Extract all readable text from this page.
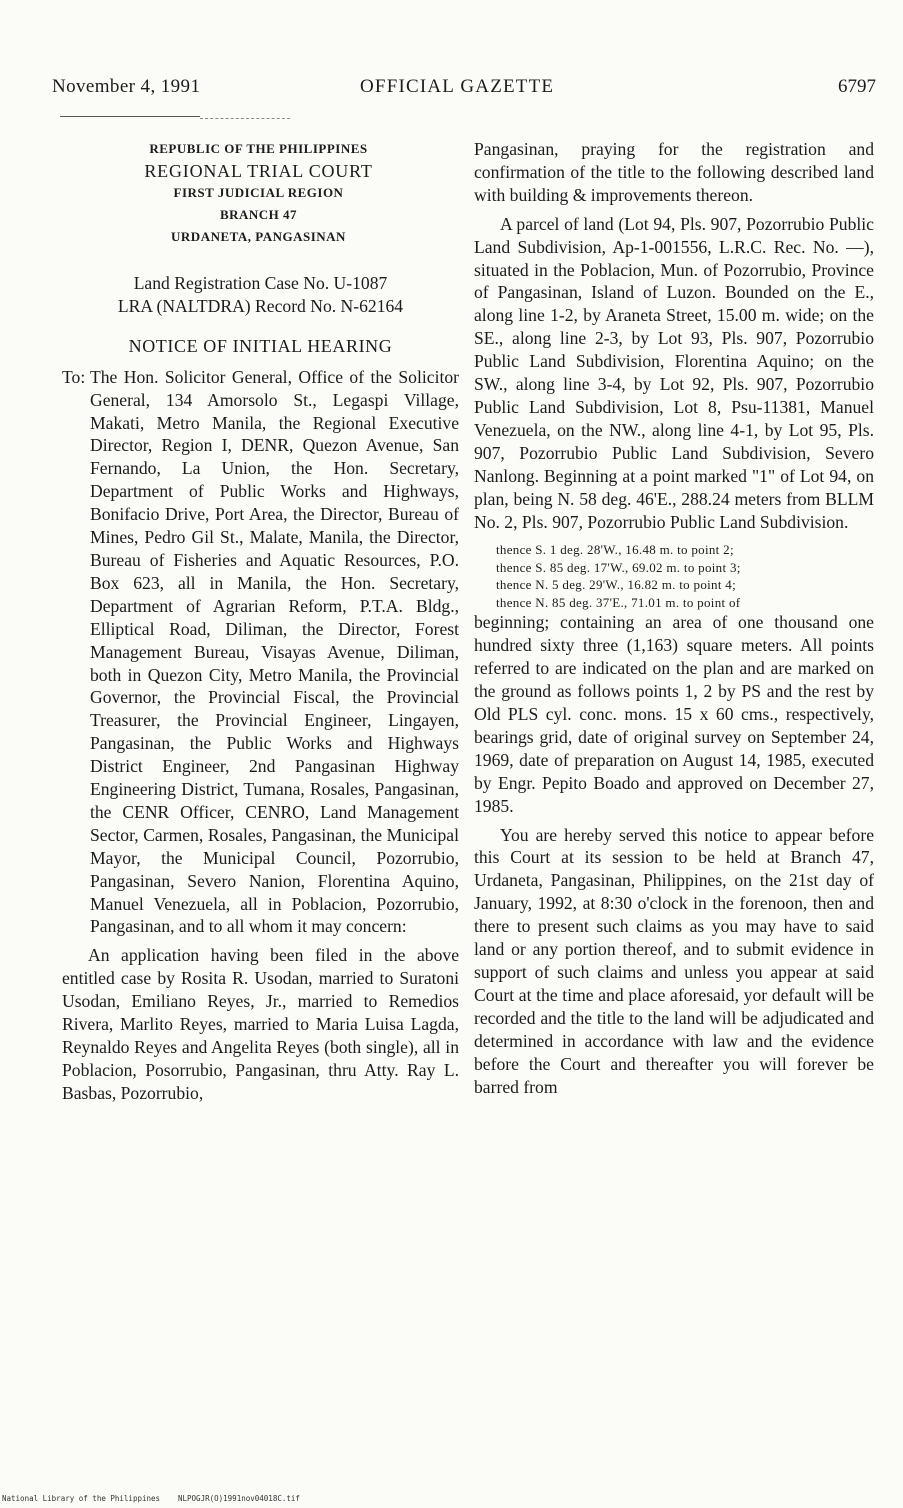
November 4, 1991	OFFICIAL GAZETTE	6797
REPUBLIC OF THE PHILIPPINES
REGIONAL TRIAL COURT
FIRST JUDICIAL REGION
BRANCH 47
URDANETA, PANGASINAN

Land Registration Case No. U-1087

LRA (NALTDRA) Record No. N-62164

NOTICE OF INITIAL HEARING
To: The Hon. Solicitor General, Office of the Solicitor General, 134 Amorsolo St., Legaspi Village, Makati, Metro Manila, the Regional Executive Director, Region I, DENR, Quezon Avenue, San Fernando, La Union, the Hon. Secretary, Department of Public Works and Highways, Bonifacio Drive, Port Area, the Director, Bureau of Mines, Pedro Gil St., Malate, Manila, the Director, Bureau of Fisheries and Aquatic Resources, P.O. Box 623, all in Manila, the Hon. Secretary, Department of Agrarian Reform, P.T.A. Bldg., Elliptical Road, Diliman, the Director, Forest Management Bureau, Visayas Avenue, Diliman, both in Quezon City, Metro Manila, the Provincial Governor, the Provincial Fiscal, the Provincial Treasurer, the Provincial Engineer, Lingayen, Pangasinan, the Public Works and Highways District Engineer, 2nd Pangasinan Highway Engineering District, Tumana, Rosales, Pangasinan, the CENR Officer, CENRO, Land Management Sector, Carmen, Rosales, Pangasinan, the Municipal Mayor, the Municipal Council, Pozorrubio, Pangasinan, Severo Nanion, Florentina Aquino, Manuel Venezuela, all in Poblacion, Pozorrubio, Pangasinan, and to all whom it may concern:

An application having been filed in the above entitled case by Rosita R. Usodan, married to Suratoni Usodan, Emiliano Reyes, Jr., married to Remedios Rivera, Marlito Reyes, married to Maria Luisa Lagda, Reynaldo Reyes and Angelita Reyes (both single), all in Poblacion, Posorrubio, Pangasinan, thru Atty. Ray L. Basbas, Pozorrubio,

Pangasinan, praying for the registration and confirmation of the title to the following described land with building & improvements thereon.

A parcel of land (Lot 94, Pls. 907, Pozorrubio Public Land Subdivision, Ap-1-001556, L.R.C. Rec. No. —), situated in the Poblacion, Mun. of Pozorrubio, Province of Pangasinan, Island of Luzon. Bounded on the E., along line 1-2, by Araneta Street, 15.00 m. wide; on the SE., along line 2-3, by Lot 93, Pls. 907, Pozorrubio Public Land Subdivision, Florentina Aquino; on the SW., along line 3-4, by Lot 92, Pls. 907, Pozorrubio Public Land Subdivision, Lot 8, Psu-11381, Manuel Venezuela, on the NW., along line 4-1, by Lot 95, Pls. 907, Pozorrubio Public Land Subdivision, Severo Nanlong. Beginning at a point marked "1" of Lot 94, on plan, being N. 58 deg. 46'E., 288.24 meters from BLLM No. 2, Pls. 907, Pozorrubio Public Land Subdivision.

thence S. 1 deg. 28'W., 16.48 m. to point 2;
thence S. 85 deg. 17'W., 69.02 m. to point 3;
thence N. 5 deg. 29'W., 16.82 m. to point 4;
thence N. 85 deg. 37'E., 71.01 m. to point of

beginning; containing an area of one thousand one hundred sixty three (1,163) square meters. All points referred to are indicated on the plan and are marked on the ground as follows points 1, 2 by PS and the rest by Old PLS cyl. conc. mons. 15 x 60 cms., respectively, bearings grid, date of original survey on September 24, 1969, date of preparation on August 14, 1985, executed by Engr. Pepito Boado and approved on December 27, 1985.

You are hereby served this notice to appear before this Court at its session to be held at Branch 47, Urdaneta, Pangasinan, Philippines, on the 21st day of January, 1992, at 8:30 o'clock in the forenoon, then and there to present such claims as you may have to said land or any portion thereof, and to submit evidence in support of such claims and unless you appear at said Court at the time and place aforesaid, yor default will be recorded and the title to the land will be adjudicated and determined in accordance with law and the evidence before the Court and thereafter you will forever be barred from

National Library of the Philippines NLPOGJR(O)1991nov04018C.tif
